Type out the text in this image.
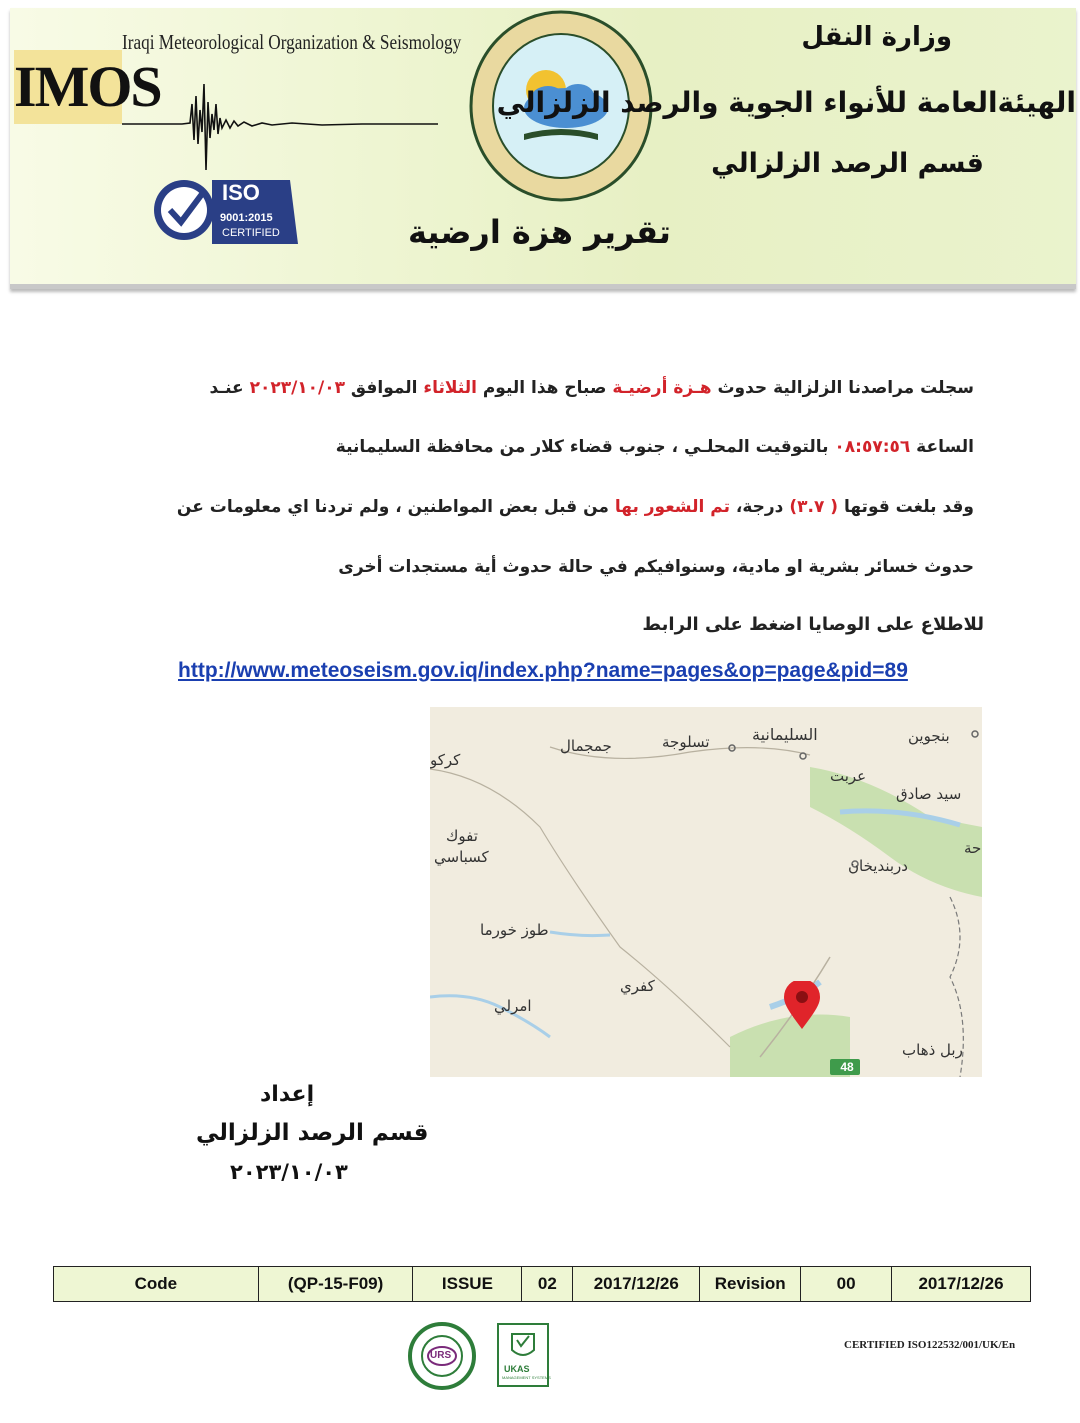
IMOS
Iraqi Meteorological Organization & Seismology
ISO
9001:2015
CERTIFIED
وزارة النقل
الهيئةالعامة للأنواء الجوية والرصد الزلزالي
قسم الرصد الزلزالي
تقرير هزة ارضية
سجلت مراصدنا الزلزالية حدوث هـزة أرضيـة صباح هذا اليوم الثلاثاء الموافق ٢٠٢٣/١٠/٠٣ عنـد
الساعة ٠٨:٥٧:٥٦ بالتوقيت المحلـي ، جنوب قضاء كلار من محافظة السليمانية
وقد بلغت قوتها ( ٣.٧) درجة، تم الشعور بها من قبل بعض المواطنين ، ولم تردنا اي معلومات عن
حدوث خسائر بشرية او مادية، وسنوافيكم في حالة حدوث أية مستجدات أخرى
للاطلاع على الوصايا اضغط على الرابط
http://www.meteoseism.gov.iq/index.php?name=pages&op=page&pid=89
بنجوين
السليمانية
تسلوجة
جمجمال
كركو
عربت
سيد صادق
تفوك
كسباسي	دربنديخان
حة
طوز خورما
كفري
امرلي
ربل ذهاب
48
إعداد
قسم الرصد الزلزالي
٢٠٢٣/١٠/٠٣
Code	(QP-15-F09)	ISSUE	02	2017/12/26	Revision	00	2017/12/26
URS
UKAS
MANAGEMENT SYSTEMS
CERTIFIED ISO122532/001/UK/En
